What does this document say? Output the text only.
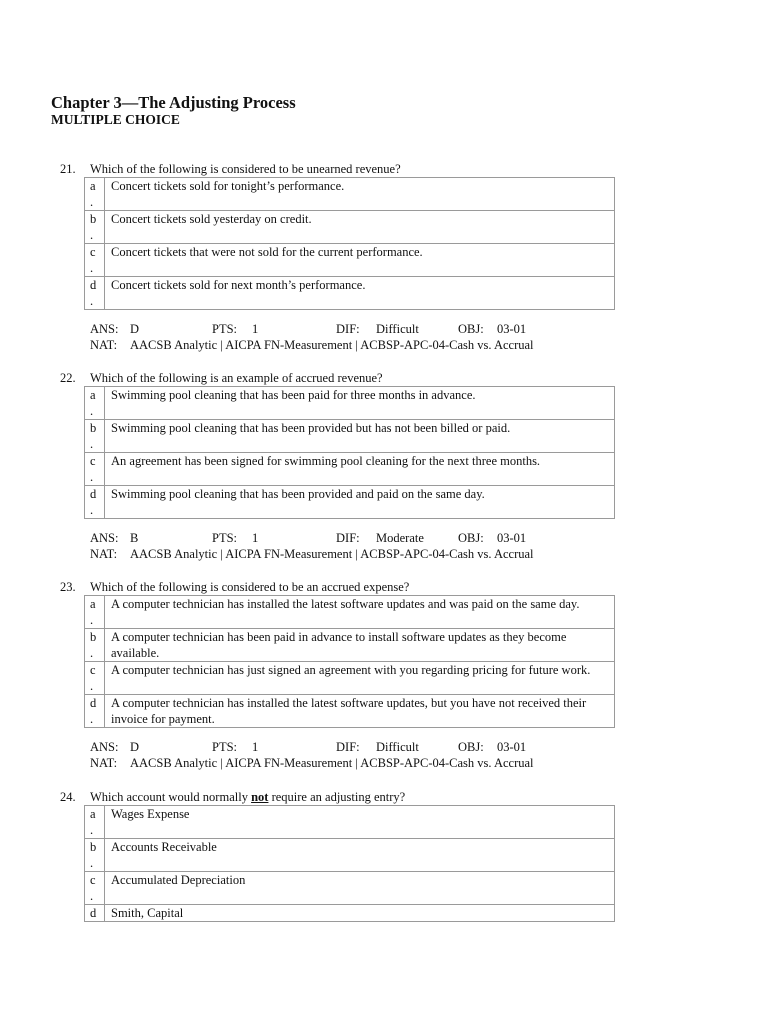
Chapter 3—The Adjusting Process
MULTIPLE CHOICE
21. Which of the following is considered to be unearned revenue?
a
.	Concert tickets sold for tonight’s performance.
b
.	Concert tickets sold yesterday on credit.
c
.	Concert tickets that were not sold for the current performance.
d
.	Concert tickets sold for next month’s performance.
ANS: D	PTS: 1	DIF: Difficult	OBJ: 03-01
NAT: AACSB Analytic | AICPA FN-Measurement | ACBSP-APC-04-Cash vs. Accrual
22. Which of the following is an example of accrued revenue?
a
.	Swimming pool cleaning that has been paid for three months in advance.
b
.	Swimming pool cleaning that has been provided but has not been billed or paid.
c
.	An agreement has been signed for swimming pool cleaning for the next three months.
d
.	Swimming pool cleaning that has been provided and paid on the same day.
ANS: B	PTS: 1	DIF: Moderate	OBJ: 03-01
NAT: AACSB Analytic | AICPA FN-Measurement | ACBSP-APC-04-Cash vs. Accrual
23. Which of the following is considered to be an accrued expense?
a
.	A computer technician has installed the latest software updates and was paid on the same day.
b
.	A computer technician has been paid in advance to install software updates as they become available.
c
.	A computer technician has just signed an agreement with you regarding pricing for future work.
d
.	A computer technician has installed the latest software updates, but you have not received their invoice for payment.
ANS: D	PTS: 1	DIF: Difficult	OBJ: 03-01
NAT: AACSB Analytic | AICPA FN-Measurement | ACBSP-APC-04-Cash vs. Accrual
24. Which account would normally not require an adjusting entry?
a
.	Wages Expense
b
.	Accounts Receivable
c
.	Accumulated Depreciation
d	Smith, Capital
